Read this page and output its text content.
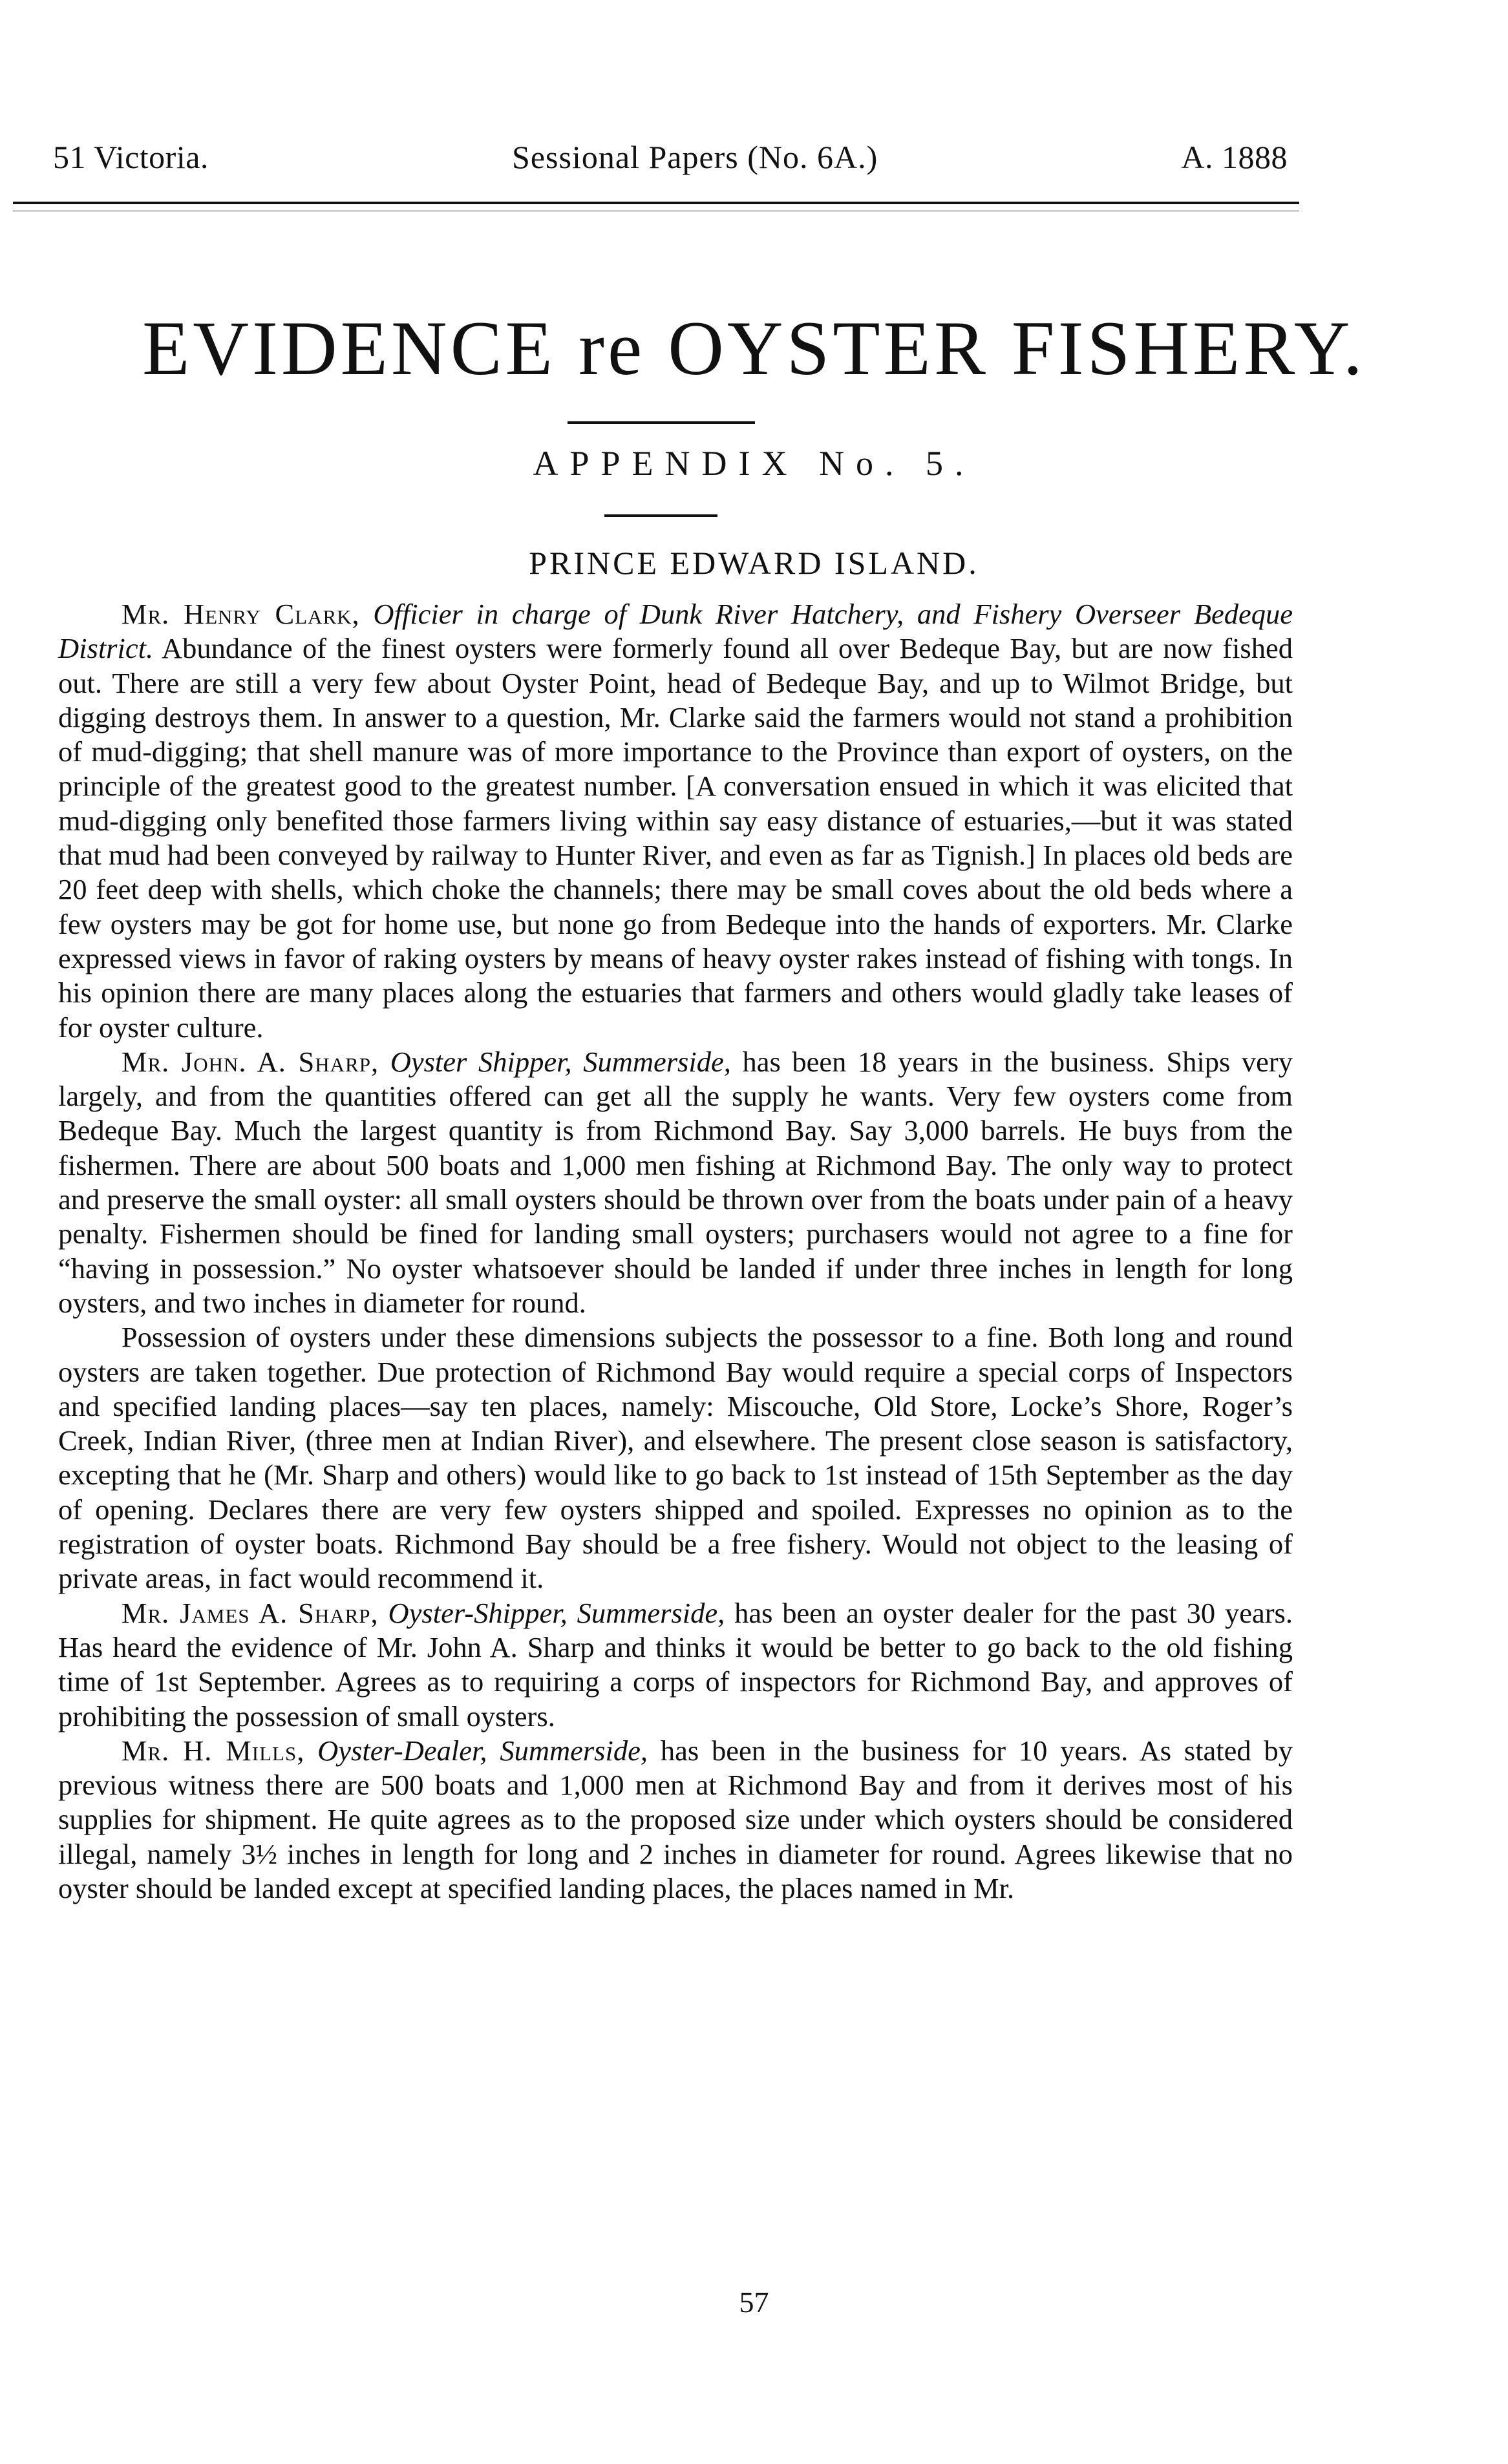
51 Victoria.	Sessional Papers (No. 6A.)	A. 1888
EVIDENCE re OYSTER FISHERY.
APPENDIX No. 5.
PRINCE EDWARD ISLAND.

Mr. Henry Clark, Officier in charge of Dunk River Hatchery, and Fishery Overseer Bedeque District. Abundance of the finest oysters were formerly found all over Bedeque Bay, but are now fished out. There are still a very few about Oyster Point, head of Bedeque Bay, and up to Wilmot Bridge, but digging destroys them. In answer to a question, Mr. Clarke said the farmers would not stand a prohibition of mud-digging; that shell manure was of more importance to the Province than export of oysters, on the principle of the greatest good to the greatest number. [A conversation ensued in which it was elicited that mud-digging only benefited those farmers living within say easy distance of estuaries,—but it was stated that mud had been conveyed by railway to Hunter River, and even as far as Tignish.] In places old beds are 20 feet deep with shells, which choke the channels; there may be small coves about the old beds where a few oysters may be got for home use, but none go from Bedeque into the hands of exporters. Mr. Clarke expressed views in favor of raking oysters by means of heavy oyster rakes instead of fishing with tongs. In his opinion there are many places along the estuaries that farmers and others would gladly take leases of for oyster culture.

Mr. John. A. Sharp, Oyster Shipper, Summerside, has been 18 years in the business. Ships very largely, and from the quantities offered can get all the supply he wants. Very few oysters come from Bedeque Bay. Much the largest quantity is from Richmond Bay. Say 3,000 barrels. He buys from the fishermen. There are about 500 boats and 1,000 men fishing at Richmond Bay. The only way to protect and preserve the small oyster: all small oysters should be thrown over from the boats under pain of a heavy penalty. Fishermen should be fined for landing small oysters; purchasers would not agree to a fine for “having in possession.” No oyster whatsoever should be landed if under three inches in length for long oysters, and two inches in diameter for round.

Possession of oysters under these dimensions subjects the possessor to a fine. Both long and round oysters are taken together. Due protection of Richmond Bay would require a special corps of Inspectors and specified landing places—say ten places, namely: Miscouche, Old Store, Locke’s Shore, Roger’s Creek, Indian River, (three men at Indian River), and elsewhere. The present close season is satisfactory, excepting that he (Mr. Sharp and others) would like to go back to 1st instead of 15th September as the day of opening. Declares there are very few oysters shipped and spoiled. Expresses no opinion as to the registration of oyster boats. Richmond Bay should be a free fishery. Would not object to the leasing of private areas, in fact would recommend it.

Mr. James A. Sharp, Oyster-Shipper, Summerside, has been an oyster dealer for the past 30 years. Has heard the evidence of Mr. John A. Sharp and thinks it would be better to go back to the old fishing time of 1st September. Agrees as to requiring a corps of inspectors for Richmond Bay, and approves of prohibiting the possession of small oysters.

Mr. H. Mills, Oyster-Dealer, Summerside, has been in the business for 10 years. As stated by previous witness there are 500 boats and 1,000 men at Richmond Bay and from it derives most of his supplies for shipment. He quite agrees as to the proposed size under which oysters should be considered illegal, namely 3½ inches in length for long and 2 inches in diameter for round. Agrees likewise that no oyster should be landed except at specified landing places, the places named in Mr.

57
